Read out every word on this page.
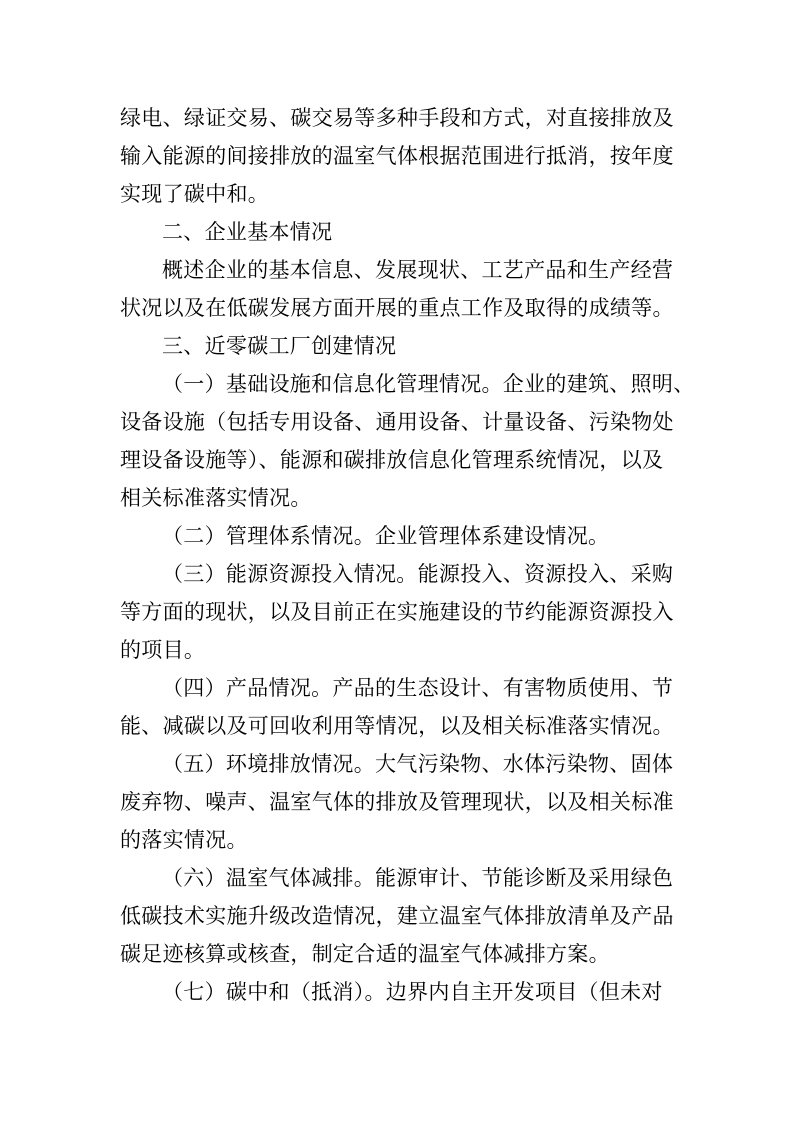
绿电、绿证交易、碳交易等多种手段和方式，对直接排放及
输入能源的间接排放的温室气体根据范围进行抵消，按年度
实现了碳中和。
二、企业基本情况
概述企业的基本信息、发展现状、工艺产品和生产经营
状况以及在低碳发展方面开展的重点工作及取得的成绩等。
三、近零碳工厂创建情况
（一）基础设施和信息化管理情况。企业的建筑、照明、
设备设施（包括专用设备、通用设备、计量设备、污染物处
理设备设施等）、能源和碳排放信息化管理系统情况，以及
相关标准落实情况。
（二）管理体系情况。企业管理体系建设情况。
（三）能源资源投入情况。能源投入、资源投入、采购
等方面的现状，以及目前正在实施建设的节约能源资源投入
的项目。
（四）产品情况。产品的生态设计、有害物质使用、节
能、减碳以及可回收利用等情况，以及相关标准落实情况。
（五）环境排放情况。大气污染物、水体污染物、固体
废弃物、噪声、温室气体的排放及管理现状，以及相关标准
的落实情况。
（六）温室气体减排。能源审计、节能诊断及采用绿色
低碳技术实施升级改造情况，建立温室气体排放清单及产品
碳足迹核算或核查，制定合适的温室气体减排方案。
（七）碳中和（抵消）。边界内自主开发项目（但未对
